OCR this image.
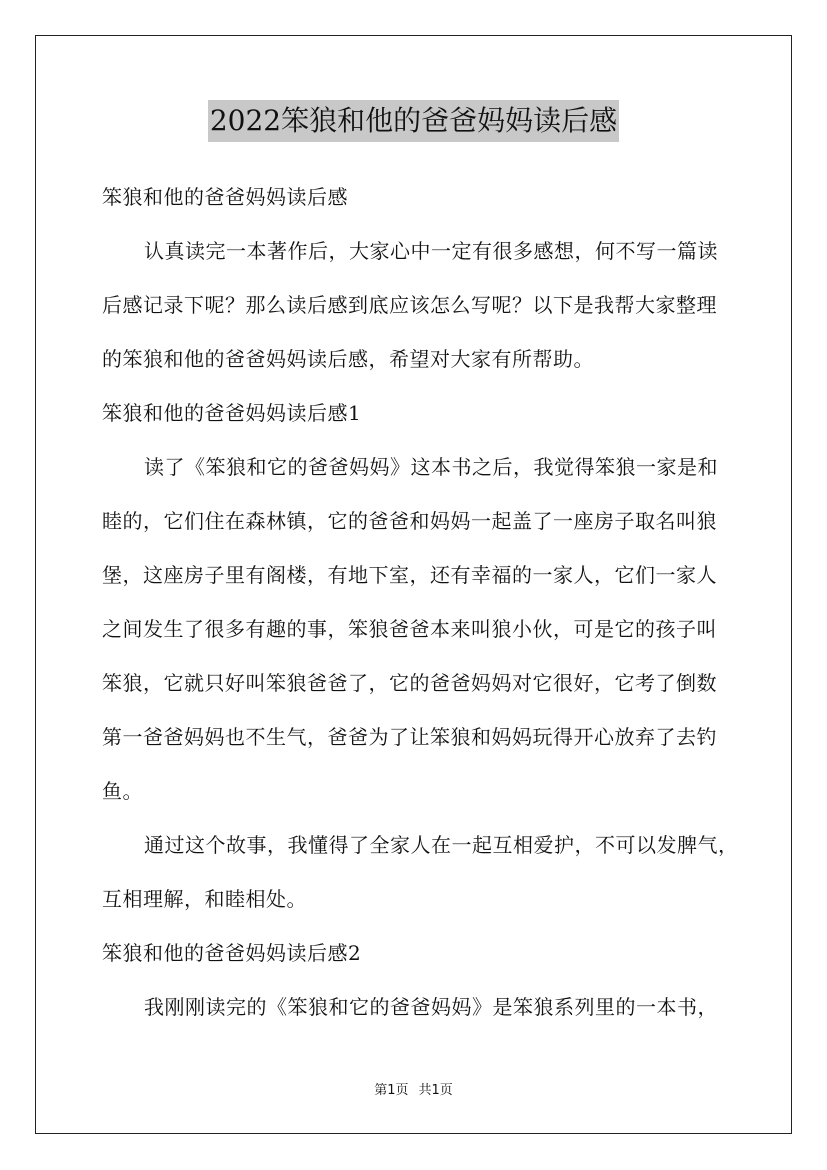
2022笨狼和他的爸爸妈妈读后感
笨狼和他的爸爸妈妈读后感
认真读完一本著作后，大家心中一定有很多感想，何不写一篇读
后感记录下呢？那么读后感到底应该怎么写呢？以下是我帮大家整理
的笨狼和他的爸爸妈妈读后感，希望对大家有所帮助。
笨狼和他的爸爸妈妈读后感1
读了《笨狼和它的爸爸妈妈》这本书之后，我觉得笨狼一家是和
睦的，它们住在森林镇，它的爸爸和妈妈一起盖了一座房子取名叫狼
堡，这座房子里有阁楼，有地下室，还有幸福的一家人，它们一家人
之间发生了很多有趣的事，笨狼爸爸本来叫狼小伙，可是它的孩子叫
笨狼，它就只好叫笨狼爸爸了，它的爸爸妈妈对它很好，它考了倒数
第一爸爸妈妈也不生气，爸爸为了让笨狼和妈妈玩得开心放弃了去钓
鱼。
通过这个故事，我懂得了全家人在一起互相爱护，不可以发脾气，
互相理解，和睦相处。
笨狼和他的爸爸妈妈读后感2
我刚刚读完的《笨狼和它的爸爸妈妈》是笨狼系列里的一本书，
第1页 共1页
